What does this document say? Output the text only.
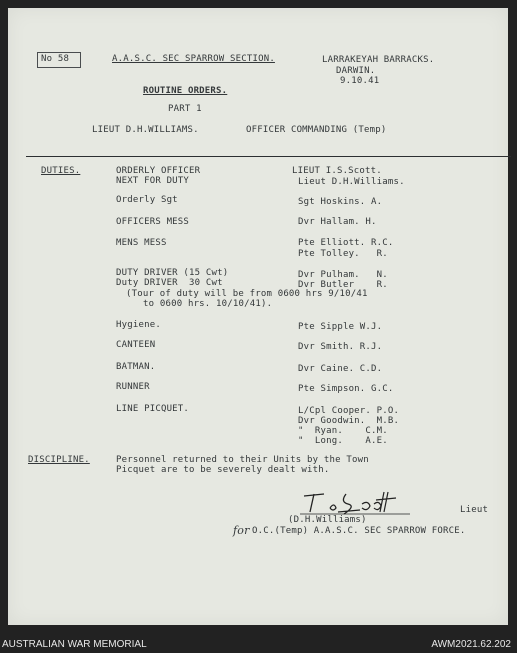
No 58	A.A.S.C. SEC SPARROW SECTION.	LARRAKEYAH BARRACKS.
DARWIN.
9.10.41
ROUTINE ORDERS.
PART 1
LIEUT D.H.WILLIAMS.	OFFICER COMMANDING (Temp)
DUTIES.	ORDERLY OFFICER	LIEUT I.S.Scott.
NEXT FOR DUTY	Lieut D.H.Williams.
Orderly Sgt	Sgt Hoskins. A.
OFFICERS MESS	Dvr Hallam. H.
MENS MESS	Pte Elliott. R.C.
Pte Tolley.   R.
DUTY DRIVER (15 Cwt)	Dvr Pulham.   N.
Duty DRIVER  30 Cwt	Dvr Butler    R.
(Tour of duty will be from 0600 hrs 9/10/41
to 0600 hrs. 10/10/41).
Hygiene.	Pte Sipple W.J.
CANTEEN	Dvr Smith. R.J.
BATMAN.	Dvr Caine. C.D.
RUNNER	Pte Simpson. G.C.
LINE PICQUET.	L/Cpl Cooper. P.O.
Dvr Goodwin.  M.B.
"  Ryan.    C.M.
"  Long.    A.E.
DISCIPLINE.	Personnel returned to their Units by the Town
Picquet are to be severely dealt with.
Lieut
(D.H.Williams)
for O.C.(Temp) A.A.S.C. SEC SPARROW FORCE.
AUSTRALIAN WAR MEMORIAL	AWM2021.62.202
